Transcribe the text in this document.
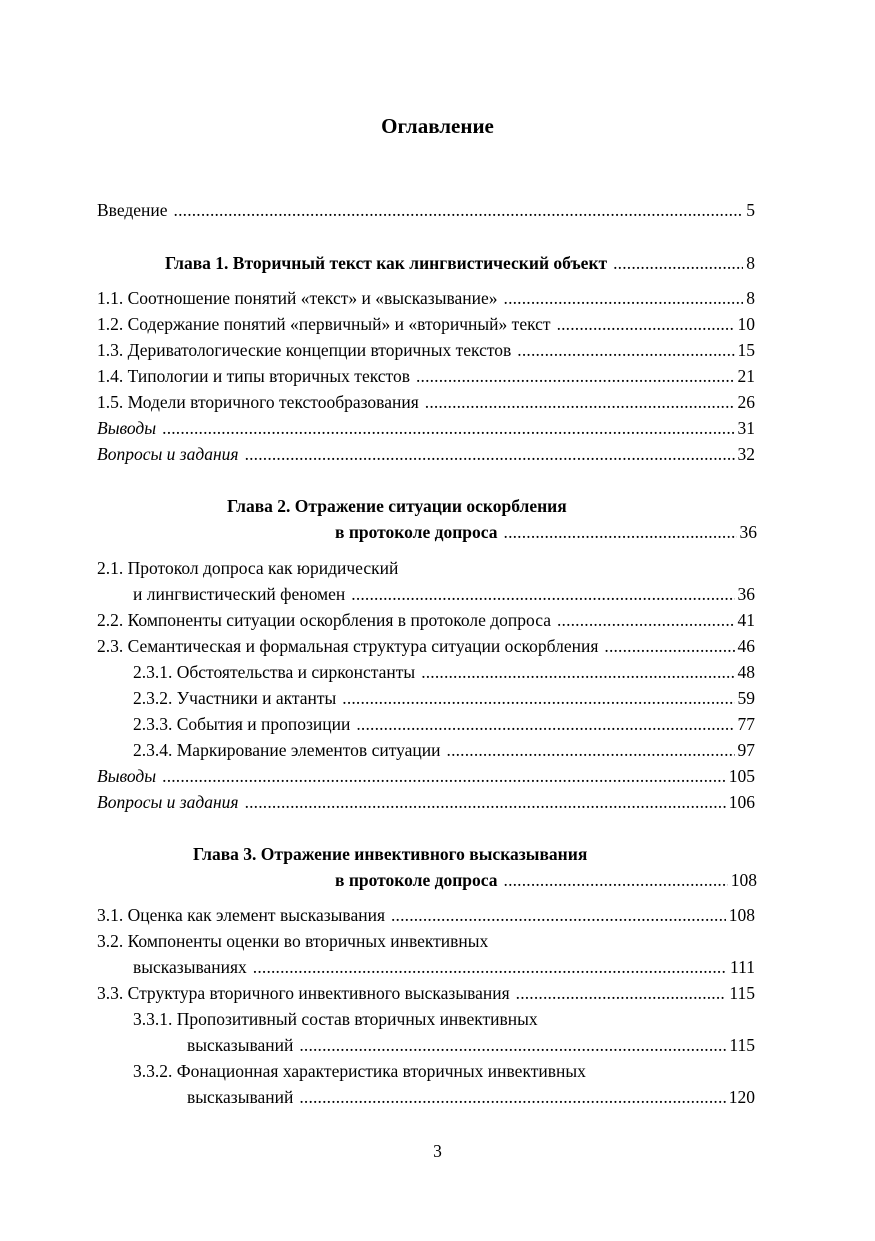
Оглавление
Введение . . .	5
Глава 1. Вторичный текст как лингвистический объект . . .	8
1.1. Соотношение понятий «текст» и «высказывание» . . .	8
1.2. Содержание понятий «первичный» и «вторичный» текст . . .	10
1.3. Дериватологические концепции вторичных текстов . . .	15
1.4. Типологии и типы вторичных текстов . . .	21
1.5. Модели вторичного текстообразования . . .	26
Выводы . . .	31
Вопросы и задания . . .	32
Глава 2. Отражение ситуации оскорбления
в протоколе допроса . . .	36
2.1. Протокол допроса как юридический
и лингвистический феномен . . .	36
2.2. Компоненты ситуации оскорбления в протоколе допроса . . .	41
2.3. Семантическая и формальная структура ситуации оскорбления . . .	46
2.3.1. Обстоятельства и сирконстанты . . .	48
2.3.2. Участники и актанты . . .	59
2.3.3. События и пропозиции . . .	77
2.3.4. Маркирование элементов ситуации . . .	97
Выводы . . .	105
Вопросы и задания . . .	106
Глава 3. Отражение инвективного высказывания
в протоколе допроса . . .	108
3.1. Оценка как элемент высказывания . . .	108
3.2. Компоненты оценки во вторичных инвективных
высказываниях . . .	111
3.3. Структура вторичного инвективного высказывания . . .	115
3.3.1. Пропозитивный состав вторичных инвективных
высказываний . . .	115
3.3.2. Фонационная характеристика вторичных инвективных
высказываний . . .	120
3
